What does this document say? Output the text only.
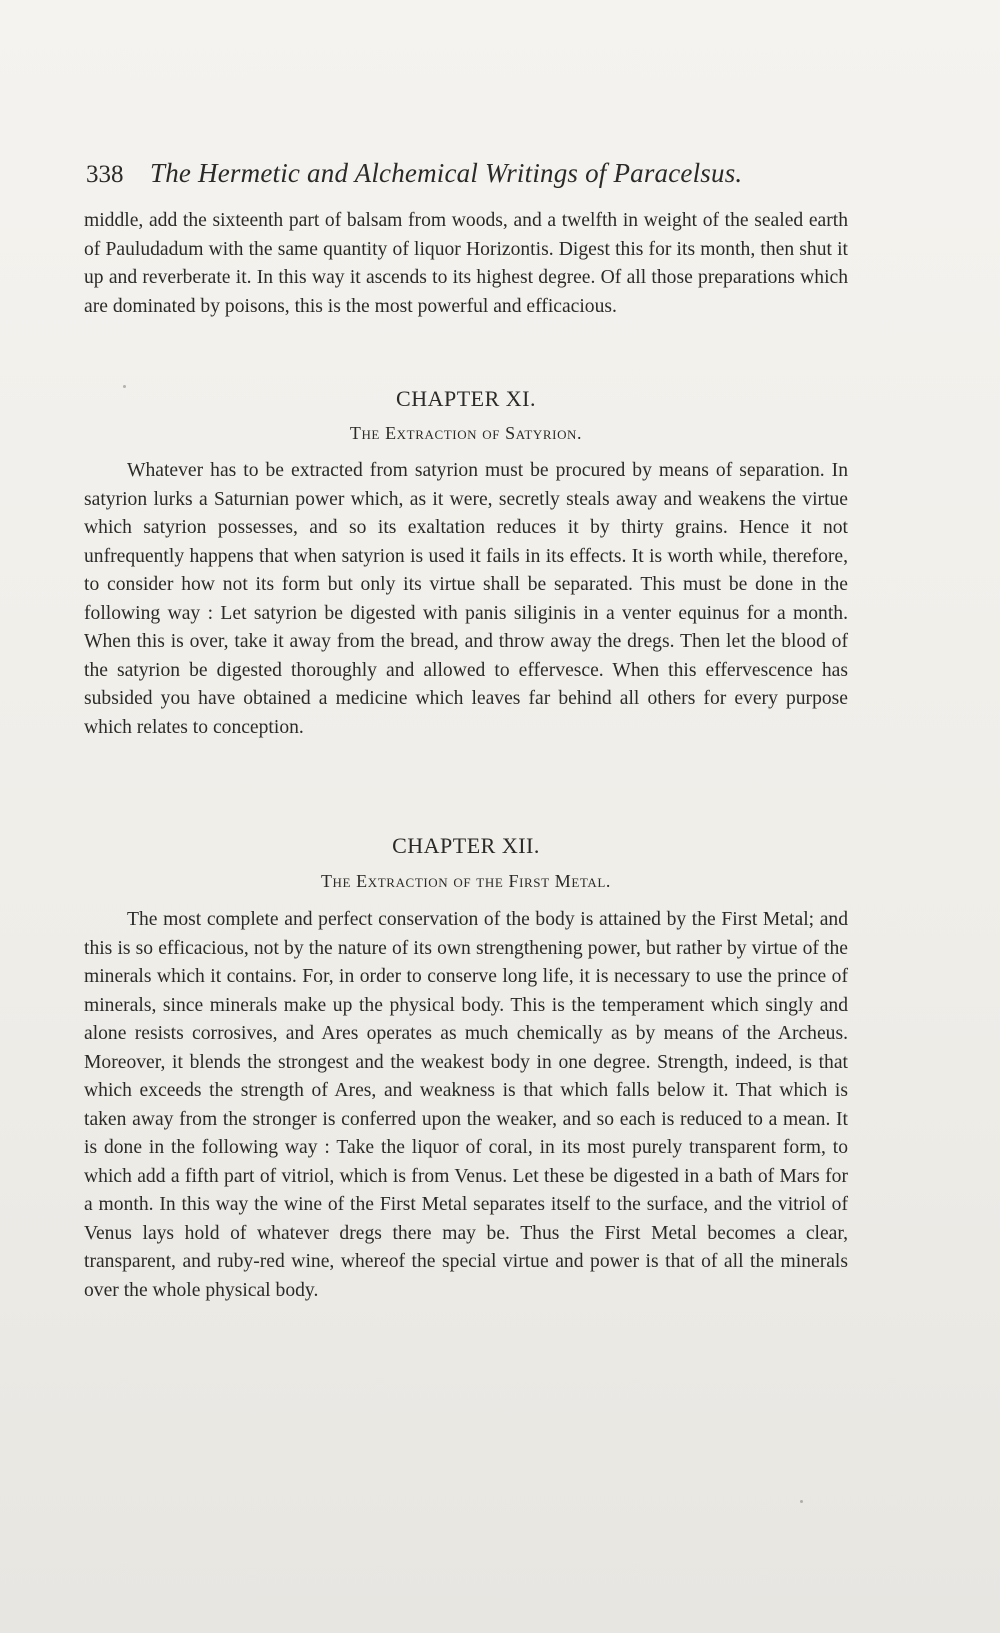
338 The Hermetic and Alchemical Writings of Paracelsus.

middle, add the sixteenth part of balsam from woods, and a twelfth in weight of the sealed earth of Pauludadum with the same quantity of liquor Horizontis. Digest this for its month, then shut it up and reverberate it. In this way it ascends to its highest degree. Of all those preparations which are dominated by poisons, this is the most powerful and efficacious.

CHAPTER XI.
The Extraction of Satyrion.

Whatever has to be extracted from satyrion must be procured by means of separation. In satyrion lurks a Saturnian power which, as it were, secretly steals away and weakens the virtue which satyrion possesses, and so its exaltation reduces it by thirty grains. Hence it not unfrequently happens that when satyrion is used it fails in its effects. It is worth while, therefore, to consider how not its form but only its virtue shall be separated. This must be done in the following way : Let satyrion be digested with panis siliginis in a venter equinus for a month. When this is over, take it away from the bread, and throw away the dregs. Then let the blood of the satyrion be digested thoroughly and allowed to effervesce. When this effervescence has subsided you have obtained a medicine which leaves far behind all others for every purpose which relates to conception.

CHAPTER XII.
The Extraction of the First Metal.

The most complete and perfect conservation of the body is attained by the First Metal; and this is so efficacious, not by the nature of its own strengthening power, but rather by virtue of the minerals which it contains. For, in order to conserve long life, it is necessary to use the prince of minerals, since minerals make up the physical body. This is the temperament which singly and alone resists corrosives, and Ares operates as much chemically as by means of the Archeus. Moreover, it blends the strongest and the weakest body in one degree. Strength, indeed, is that which exceeds the strength of Ares, and weakness is that which falls below it. That which is taken away from the stronger is conferred upon the weaker, and so each is reduced to a mean. It is done in the following way : Take the liquor of coral, in its most purely transparent form, to which add a fifth part of vitriol, which is from Venus. Let these be digested in a bath of Mars for a month. In this way the wine of the First Metal separates itself to the surface, and the vitriol of Venus lays hold of whatever dregs there may be. Thus the First Metal becomes a clear, transparent, and ruby-red wine, whereof the special virtue and power is that of all the minerals over the whole physical body.
